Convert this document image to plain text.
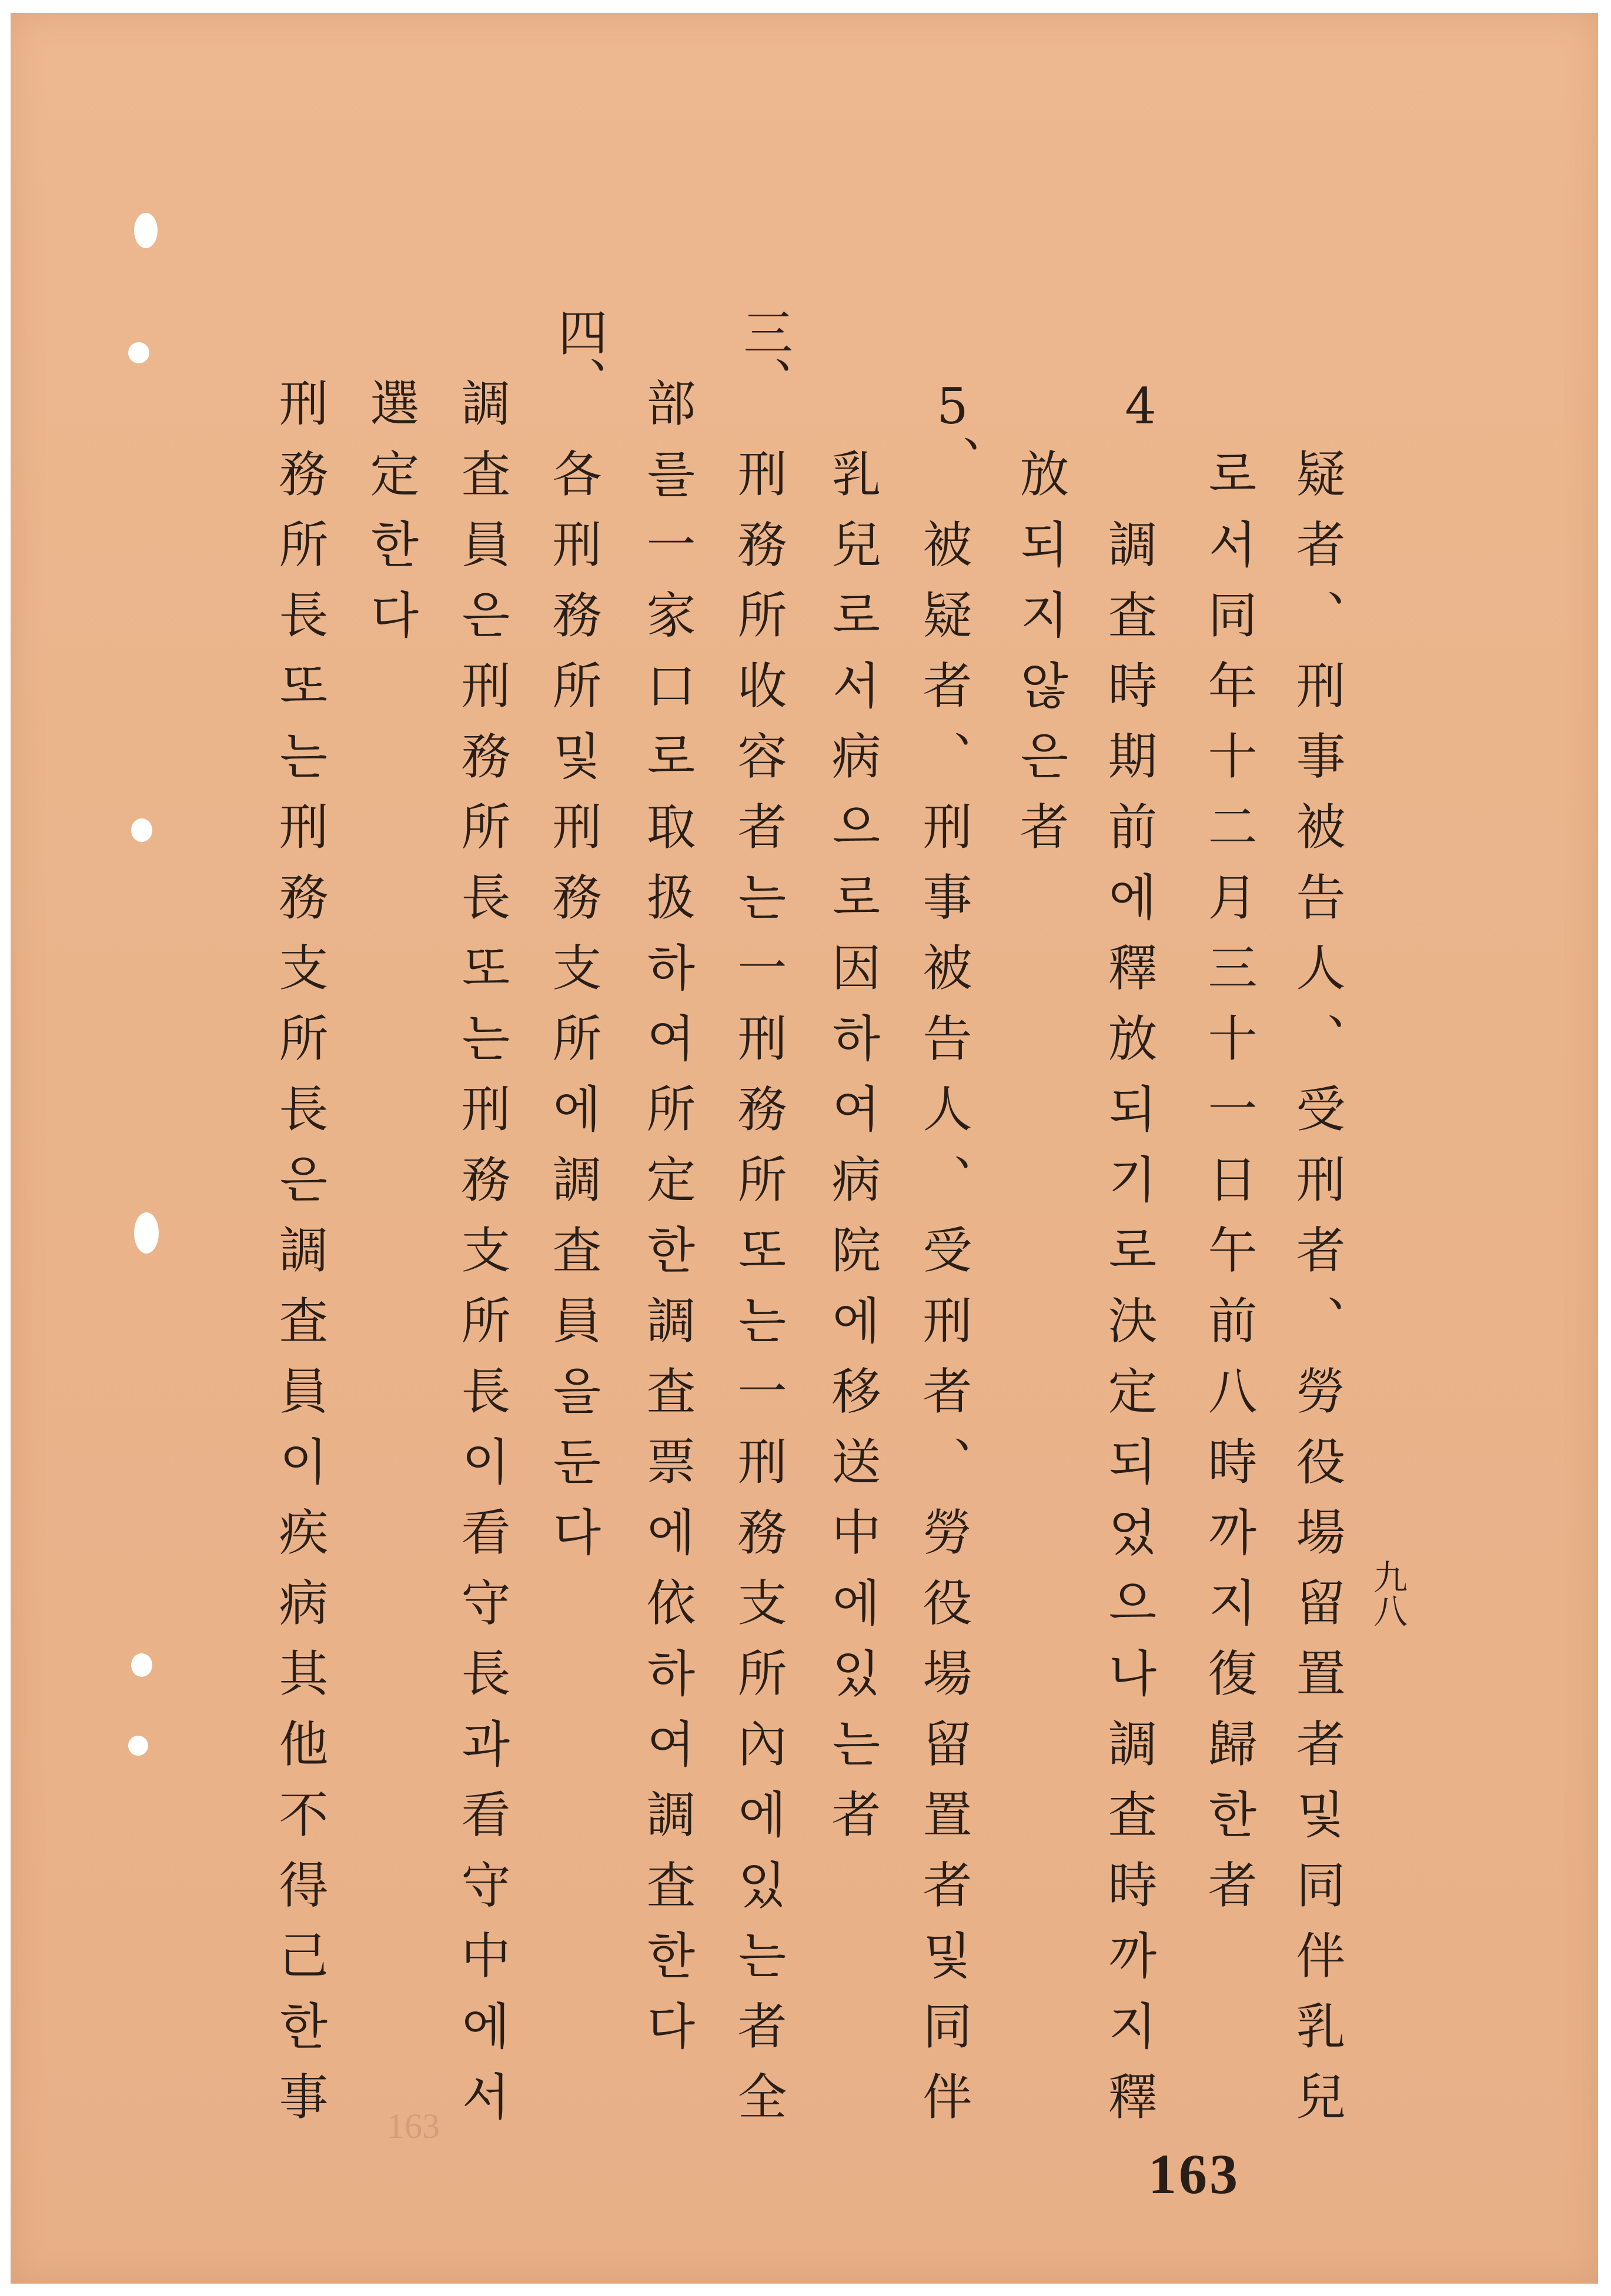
疑者、刑事被告人、受刑者、勞役場留置者및同伴乳兒
로서同年十二月三十一日午前八時까지復歸한者
4
調査時期前에釋放되기로決定되었으나調査時까지釋
放되지않은者
5、
被疑者、刑事被告人、受刑者、勞役場留置者및同伴
乳兒로서病으로因하여病院에移送中에있는者
三、
刑務所收容者는一刑務所또는一刑務支所內에있는者全
部를一家口로取扱하여所定한調査票에依하여調査한다
四、
各刑務所및刑務支所에調査員을둔다
調査員은刑務所長또는刑務支所長이看守長과看守中에서
選定한다
刑務所長또는刑務支所長은調査員이疾病其他不得己한事	九八
163
163
